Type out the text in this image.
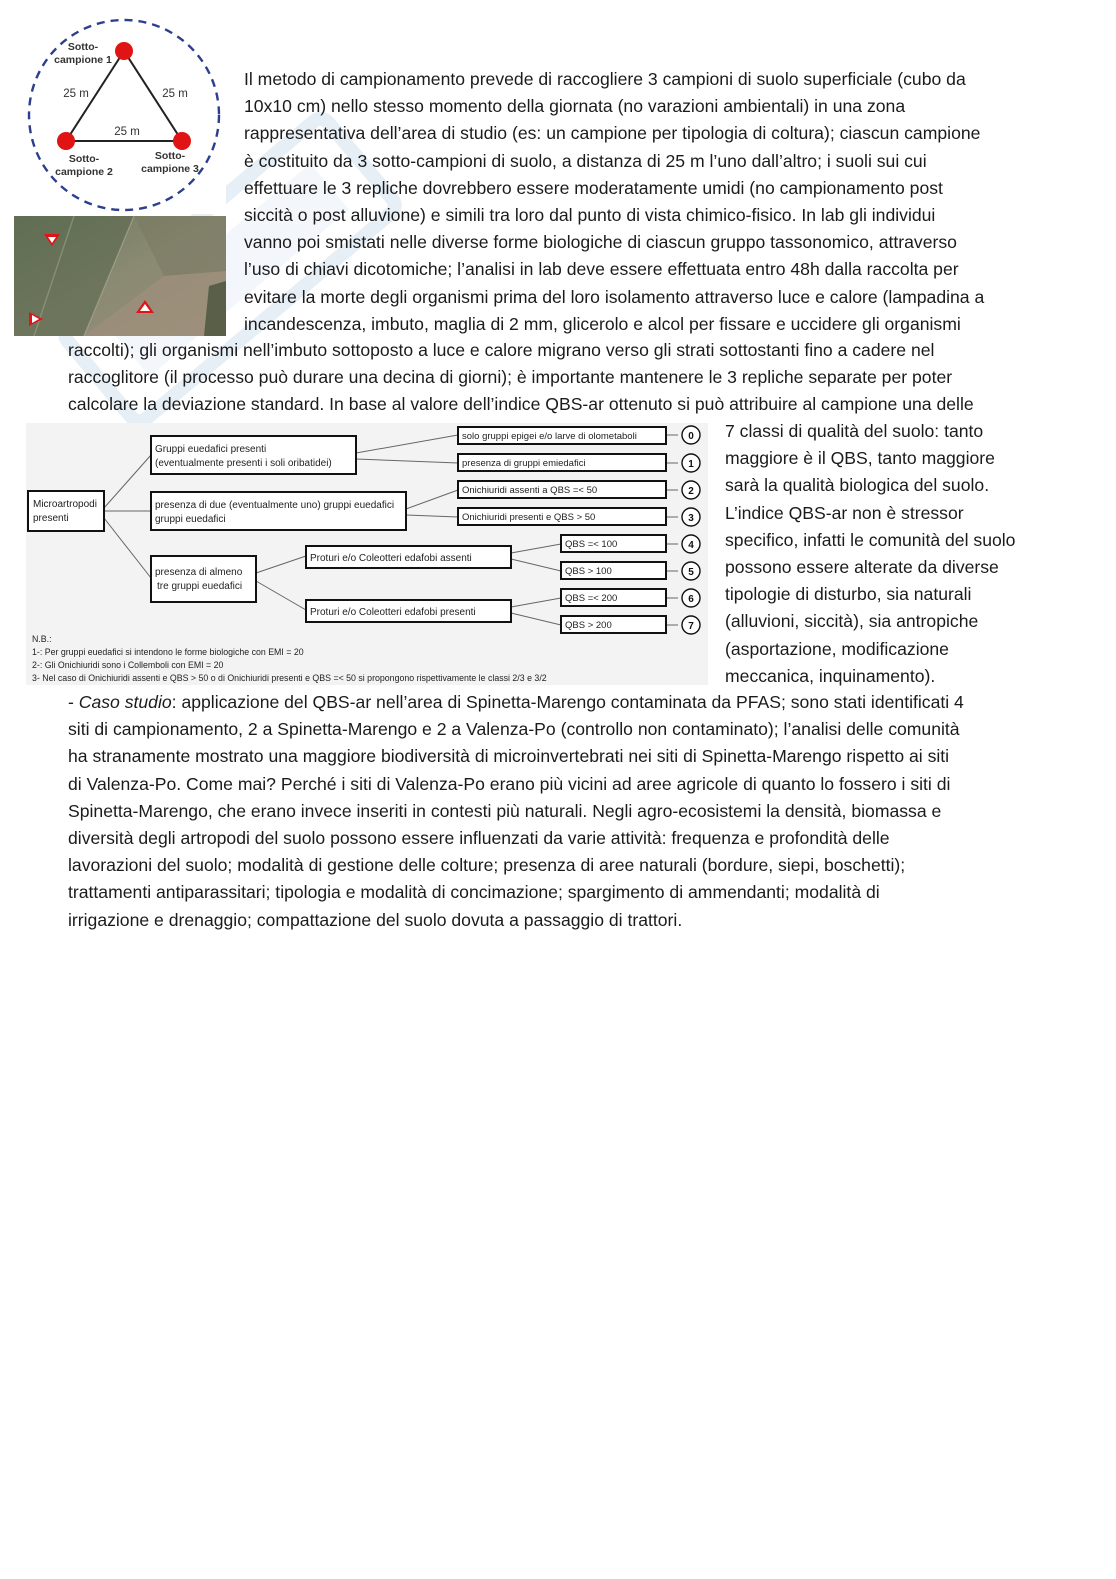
Sotto-
campione 1
Sotto-
campione 2
Sotto-
campione 3
25 m	25 m
25 m
Il metodo di campionamento prevede di raccogliere 3 campioni di suolo superficiale (cubo da
10x10 cm) nello stesso momento della giornata (no varazioni ambientali) in una zona
rappresentativa dell’area di studio (es: un campione per tipologia di coltura); ciascun campione
è costituito da 3 sotto-campioni di suolo, a distanza di 25 m l’uno dall’altro; i suoli sui cui
effettuare le 3 repliche dovrebbero essere moderatamente umidi (no campionamento post
siccità o post alluvione) e simili tra loro dal punto di vista chimico-fisico. In lab gli individui
vanno poi smistati nelle diverse forme biologiche di ciascun gruppo tassonomico, attraverso
l’uso di chiavi dicotomiche; l’analisi in lab deve essere effettuata entro 48h dalla raccolta per
evitare la morte degli organismi prima del loro isolamento attraverso luce e calore (lampadina a
incandescenza, imbuto, maglia di 2 mm, glicerolo e alcol per fissare e uccidere gli organismi
raccolti); gli organismi nell’imbuto sottoposto a luce e calore migrano verso gli strati sottostanti fino a cadere nel
raccoglitore (il processo può durare una decina di giorni); è importante mantenere le 3 repliche separate per poter
calcolare la deviazione standard. In base al valore dell’indice QBS-ar ottenuto si può attribuire al campione una delle
Microartropodi
presenti
Gruppi euedafici presenti
(eventualmente presenti i soli oribatidei)
presenza di due (eventualmente uno) gruppi euedafici
gruppi euedafici
presenza di almeno
tre gruppi euedafici
Proturi e/o Coleotteri edafobi assenti
Proturi e/o Coleotteri edafobi presenti
solo gruppi epigei e/o larve di olometaboli
presenza di gruppi emiedafici
Onichiuridi assenti a QBS =< 50
Onichiuridi presenti e QBS > 50
QBS =< 100
QBS > 100
QBS =< 200
QBS > 200
0
1
2
3
4
5
6
7
N.B.:
1-: Per gruppi euedafici si intendono le forme biologiche con EMI = 20
2-: Gli Onichiuridi sono i Collemboli con EMI = 20
3- Nel caso di Onichiuridi assenti e QBS > 50 o di Onichiuridi presenti e QBS =< 50 si propongono rispettivamente le classi 2/3 e 3/2
7 classi di qualità del suolo: tanto
maggiore è il QBS, tanto maggiore
sarà la qualità biologica del suolo.
L’indice QBS-ar non è stressor
specifico, infatti le comunità del suolo
possono essere alterate da diverse
tipologie di disturbo, sia naturali
(alluvioni, siccità), sia antropiche
(asportazione, modificazione
meccanica, inquinamento).
- Caso studio: applicazione del QBS-ar nell’area di Spinetta-Marengo contaminata da PFAS; sono stati identificati 4
siti di campionamento, 2 a Spinetta-Marengo e 2 a Valenza-Po (controllo non contaminato); l’analisi delle comunità
ha stranamente mostrato una maggiore biodiversità di microinvertebrati nei siti di Spinetta-Marengo rispetto ai siti
di Valenza-Po. Come mai? Perché i siti di Valenza-Po erano più vicini ad aree agricole di quanto lo fossero i siti di
Spinetta-Marengo, che erano invece inseriti in contesti più naturali. Negli agro-ecosistemi la densità, biomassa e
diversità degli artropodi del suolo possono essere influenzati da varie attività: frequenza e profondità delle
lavorazioni del suolo; modalità di gestione delle colture; presenza di aree naturali (bordure, siepi, boschetti);
trattamenti antiparassitari; tipologia e modalità di concimazione; spargimento di ammendanti; modalità di
irrigazione e drenaggio; compattazione del suolo dovuta a passaggio di trattori.
